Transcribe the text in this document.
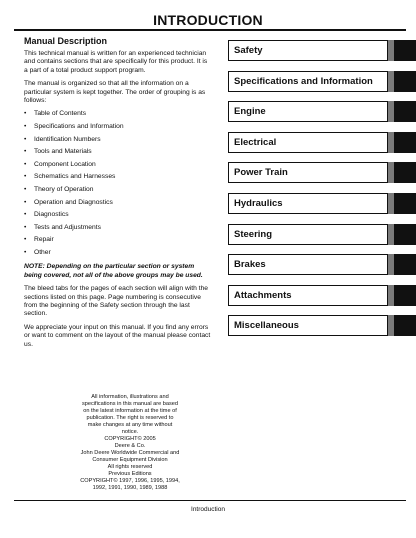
INTRODUCTION
Manual Description

This technical manual is written for an experienced technician and contains sections that are specifically for this product. It is a part of a total product support program.

The manual is organized so that all the information on a particular system is kept together. The order of grouping is as follows:

• Table of Contents
• Specifications and Information
• Identification Numbers
• Tools and Materials
• Component Location
• Schematics and Harnesses
• Theory of Operation
• Operation and Diagnostics
• Diagnostics
• Tests and Adjustments
• Repair
• Other

NOTE: Depending on the particular section or system being covered, not all of the above groups may be used.

The bleed tabs for the pages of each section will align with the sections listed on this page. Page numbering is consecutive from the beginning of the Safety section through the last section.

We appreciate your input on this manual. If you find any errors or want to comment on the layout of the manual please contact us.

All information, illustrations and
specifications in this manual are based
on the latest information at the time of
publication. The right is reserved to
make changes at any time without
notice.
COPYRIGHT© 2005
Deere & Co.
John Deere Worldwide Commercial and
Consumer Equipment Division
All rights reserved
Previous Editions
COPYRIGHT© 1997, 1996, 1995, 1994,
1992, 1991, 1990, 1989, 1988
Safety
Specifications and Information
Engine
Electrical
Power Train
Hydraulics
Steering
Brakes
Attachments
Miscellaneous
Introduction
